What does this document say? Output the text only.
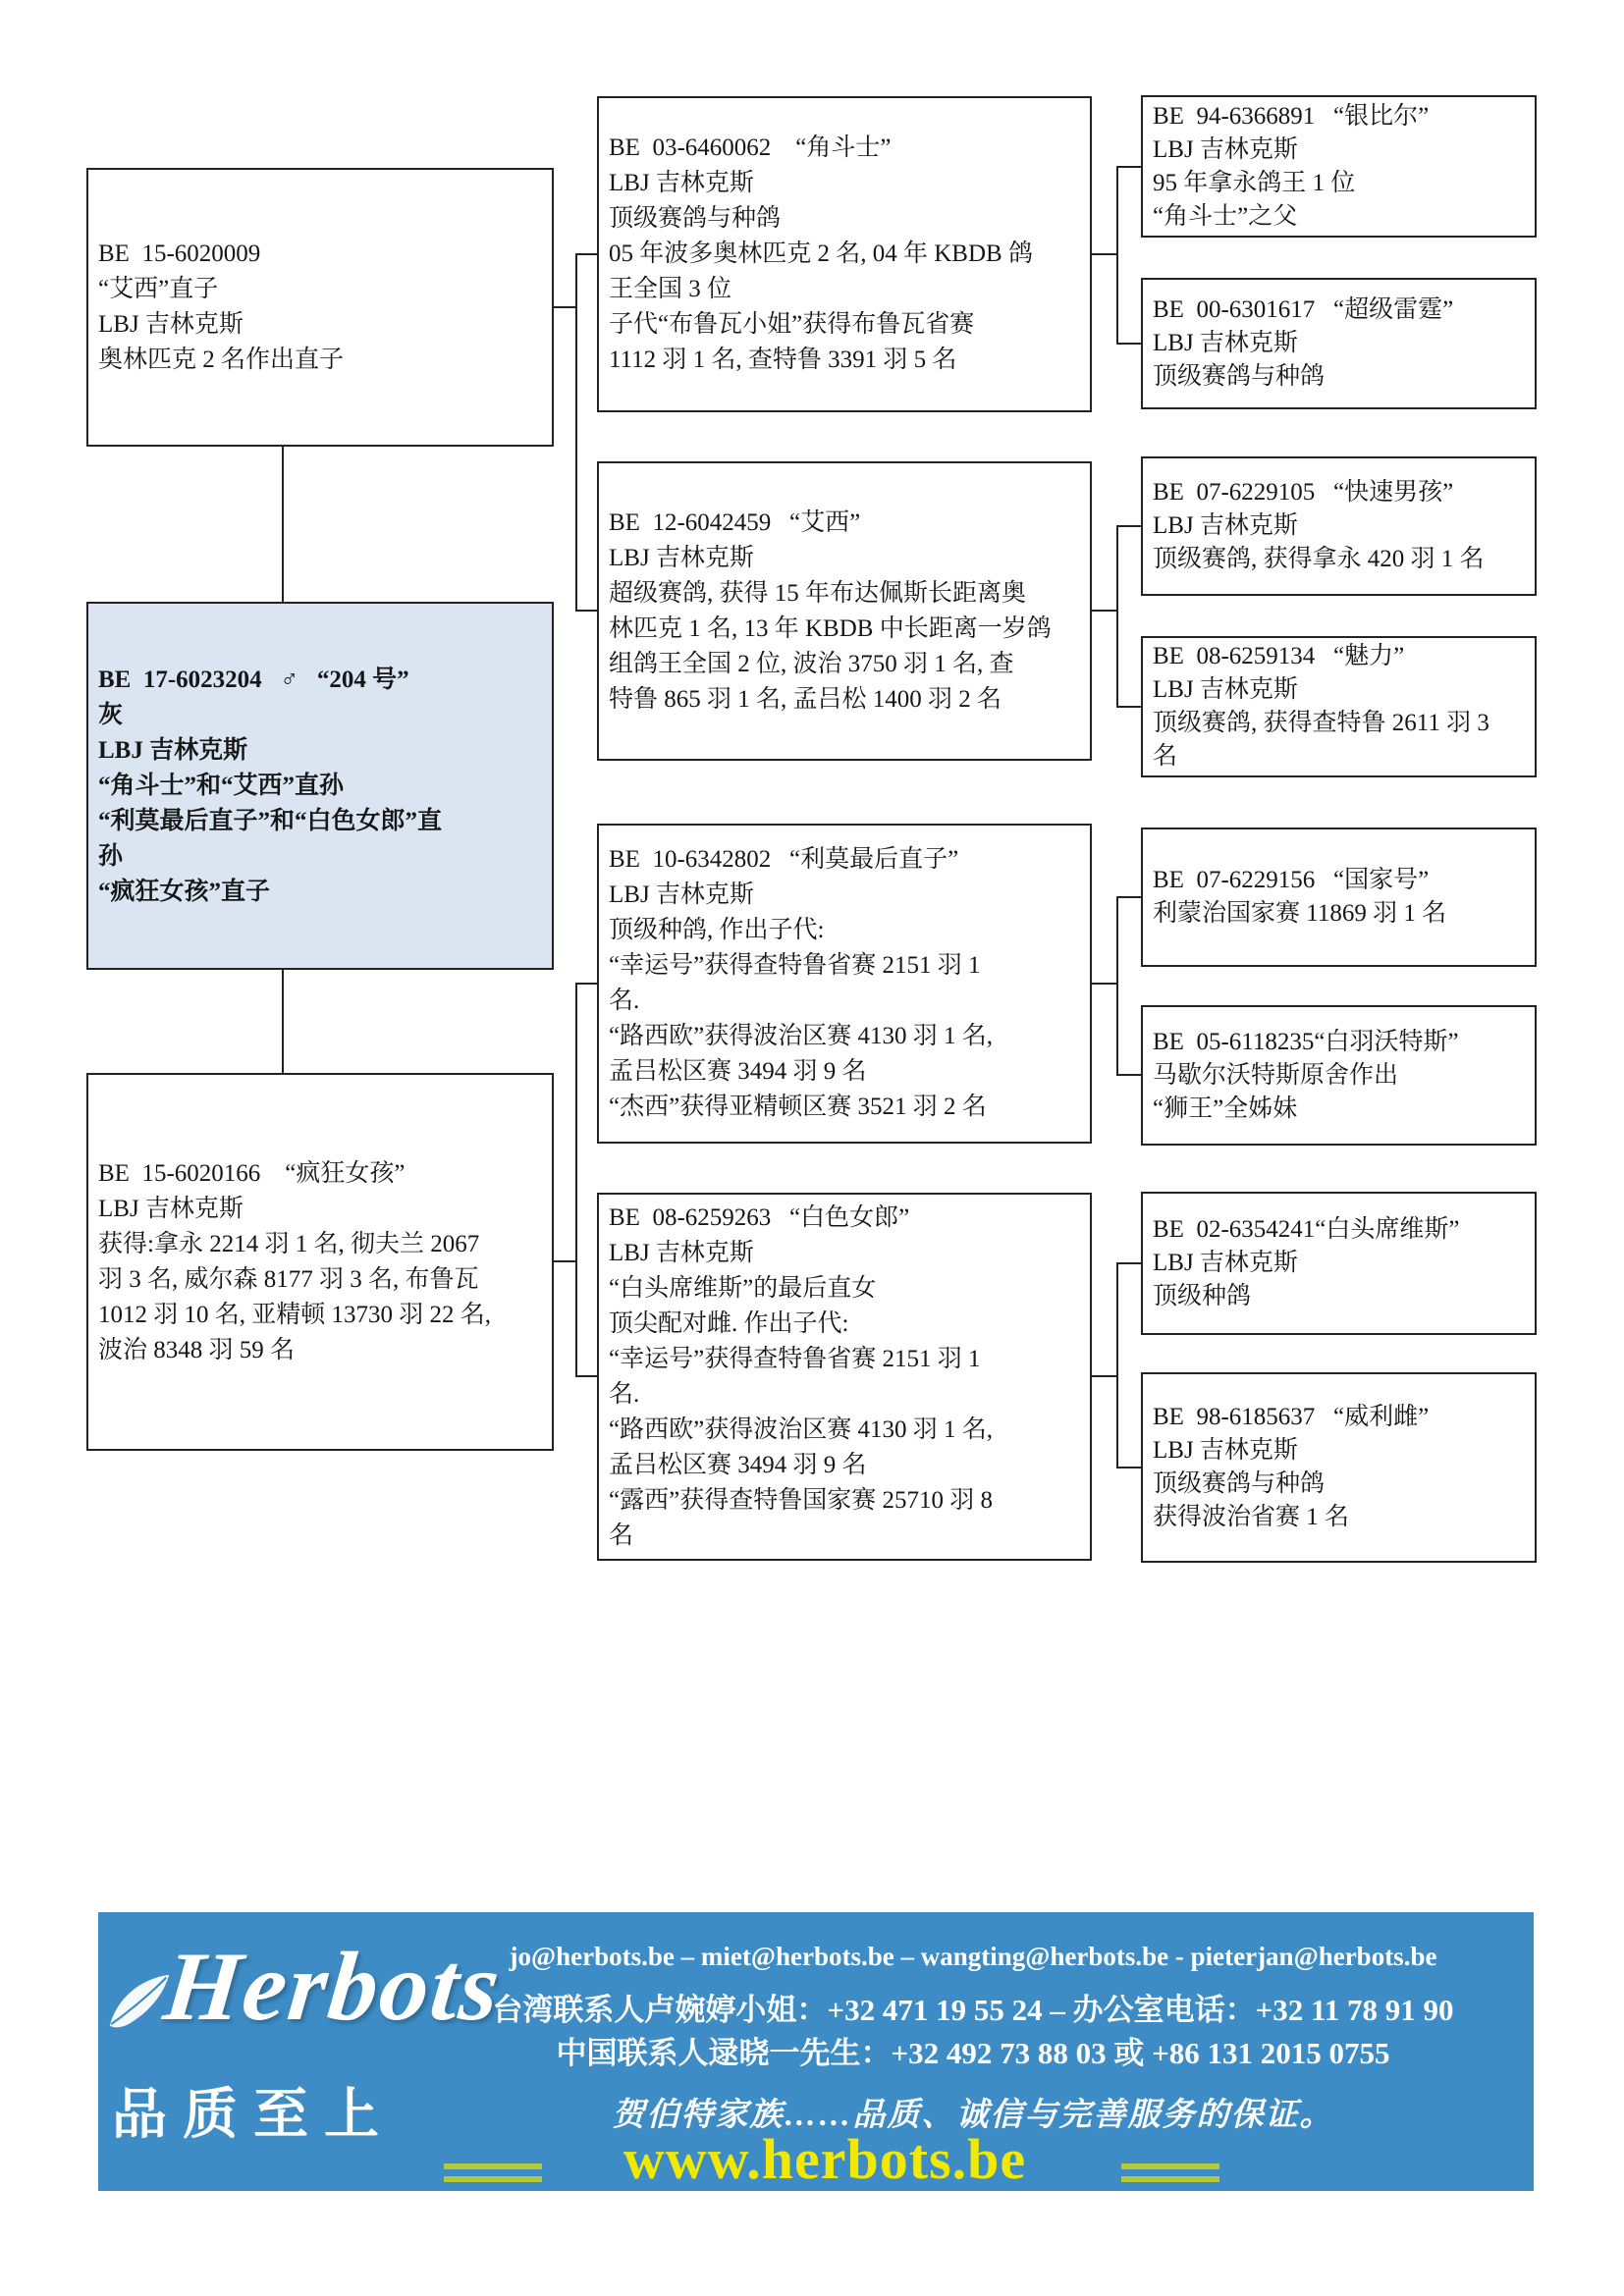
BE  15-6020009
“艾西”直子
LBJ 吉林克斯
奥林匹克 2 名作出直子
BE  17-6023204   ♂   “204 号”
灰
LBJ 吉林克斯
“角斗士”和“艾西”直孙
“利莫最后直子”和“白色女郎”直
孙
“疯狂女孩”直子
BE  15-6020166    “疯狂女孩”
LBJ 吉林克斯
获得:拿永 2214 羽 1 名, 彻夫兰 2067
羽 3 名, 威尔森 8177 羽 3 名, 布鲁瓦
1012 羽 10 名, 亚精顿 13730 羽 22 名,
波治 8348 羽 59 名
BE  03-6460062    “角斗士”
LBJ 吉林克斯
顶级赛鸽与种鸽
05 年波多奥林匹克 2 名, 04 年 KBDB 鸽
王全国 3 位
子代“布鲁瓦小姐”获得布鲁瓦省赛
1112 羽 1 名, 查特鲁 3391 羽 5 名
BE  12-6042459   “艾西”
LBJ 吉林克斯
超级赛鸽, 获得 15 年布达佩斯长距离奥
林匹克 1 名, 13 年 KBDB 中长距离一岁鸽
组鸽王全国 2 位, 波治 3750 羽 1 名, 查
特鲁 865 羽 1 名, 孟吕松 1400 羽 2 名
BE  10-6342802   “利莫最后直子”
LBJ 吉林克斯
顶级种鸽, 作出子代:
“幸运号”获得查特鲁省赛 2151 羽 1
名.
“路西欧”获得波治区赛 4130 羽 1 名,
孟吕松区赛 3494 羽 9 名
“杰西”获得亚精顿区赛 3521 羽 2 名
BE  08-6259263   “白色女郎”
LBJ 吉林克斯
“白头席维斯”的最后直女
顶尖配对雌. 作出子代:
“幸运号”获得查特鲁省赛 2151 羽 1
名.
“路西欧”获得波治区赛 4130 羽 1 名,
孟吕松区赛 3494 羽 9 名
“露西”获得查特鲁国家赛 25710 羽 8
名
BE  94-6366891   “银比尔”
LBJ 吉林克斯
95 年拿永鸽王 1 位
“角斗士”之父
BE  00-6301617   “超级雷霆”
LBJ 吉林克斯
顶级赛鸽与种鸽
BE  07-6229105   “快速男孩”
LBJ 吉林克斯
顶级赛鸽, 获得拿永 420 羽 1 名
BE  08-6259134   “魅力”
LBJ 吉林克斯
顶级赛鸽, 获得查特鲁 2611 羽 3
名
BE  07-6229156   “国家号”
利蒙治国家赛 11869 羽 1 名
BE  05-6118235“白羽沃特斯”
马歇尔沃特斯原舍作出
“狮王”全姊妹
BE  02-6354241“白头席维斯”
LBJ 吉林克斯
顶级种鸽
BE  98-6185637   “威利雌”
LBJ 吉林克斯
顶级赛鸽与种鸽
获得波治省赛 1 名
Herbots
品质至上
jo@herbots.be – miet@herbots.be – wangting@herbots.be - pieterjan@herbots.be
台湾联系人卢婉婷小姐：+32 471 19 55 24 – 办公室电话：+32 11 78 91 90
中国联系人逯晓一先生：+32 492 73 88 03 或 +86 131 2015 0755
贺伯特家族……品质、诚信与完善服务的保证。
www.herbots.be
